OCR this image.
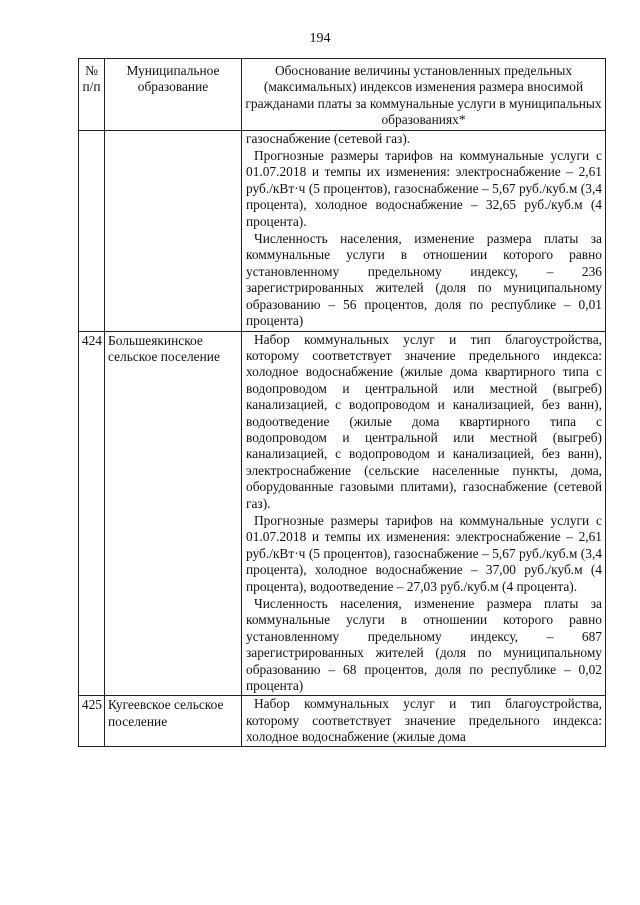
194
№ п/п	Муниципальное образование	Обоснование величины установленных предельных (максимальных) индексов изменения размера вносимой гражданами платы за коммунальные услуги в муниципальных образованиях*

		газоснабжение (сетевой газ).
Прогнозные размеры тарифов на коммунальные услуги с 01.07.2018 и темпы их изменения: электроснабжение – 2,61 руб./кВт·ч (5 процентов), газоснабжение – 5,67 руб./куб.м (3,4 процента), холодное водоснабжение – 32,65 руб./куб.м (4 процента).
Численность населения, изменение размера платы за коммунальные услуги в отношении которого равно установленному предельному индексу, – 236 зарегистрированных жителей (доля по муниципальному образованию – 56 процентов, доля по республике – 0,01 процента)

424	Большеякинское сельское поселение	Набор коммунальных услуг и тип благоустройства, которому соответствует значение предельного индекса: холодное водоснабжение (жилые дома квартирного типа с водопроводом и центральной или местной (выгреб) канализацией, с водопроводом и канализацией, без ванн), водоотведение (жилые дома квартирного типа с водопроводом и центральной или местной (выгреб) канализацией, с водопроводом и канализацией, без ванн), электроснабжение (сельские населенные пункты, дома, оборудованные газовыми плитами), газоснабжение (сетевой газ).
Прогнозные размеры тарифов на коммунальные услуги с 01.07.2018 и темпы их изменения: электроснабжение – 2,61 руб./кВт·ч (5 процентов), газоснабжение – 5,67 руб./куб.м (3,4 процента), холодное водоснабжение – 37,00 руб./куб.м (4 процента), водоотведение – 27,03 руб./куб.м (4 процента).
Численность населения, изменение размера платы за коммунальные услуги в отношении которого равно установленному предельному индексу, – 687 зарегистрированных жителей (доля по муниципальному образованию – 68 процентов, доля по республике – 0,02 процента)

425	Кугеевское сельское поселение	Набор коммунальных услуг и тип благоустройства, которому соответствует значение предельного индекса: холодное водоснабжение (жилые дома
